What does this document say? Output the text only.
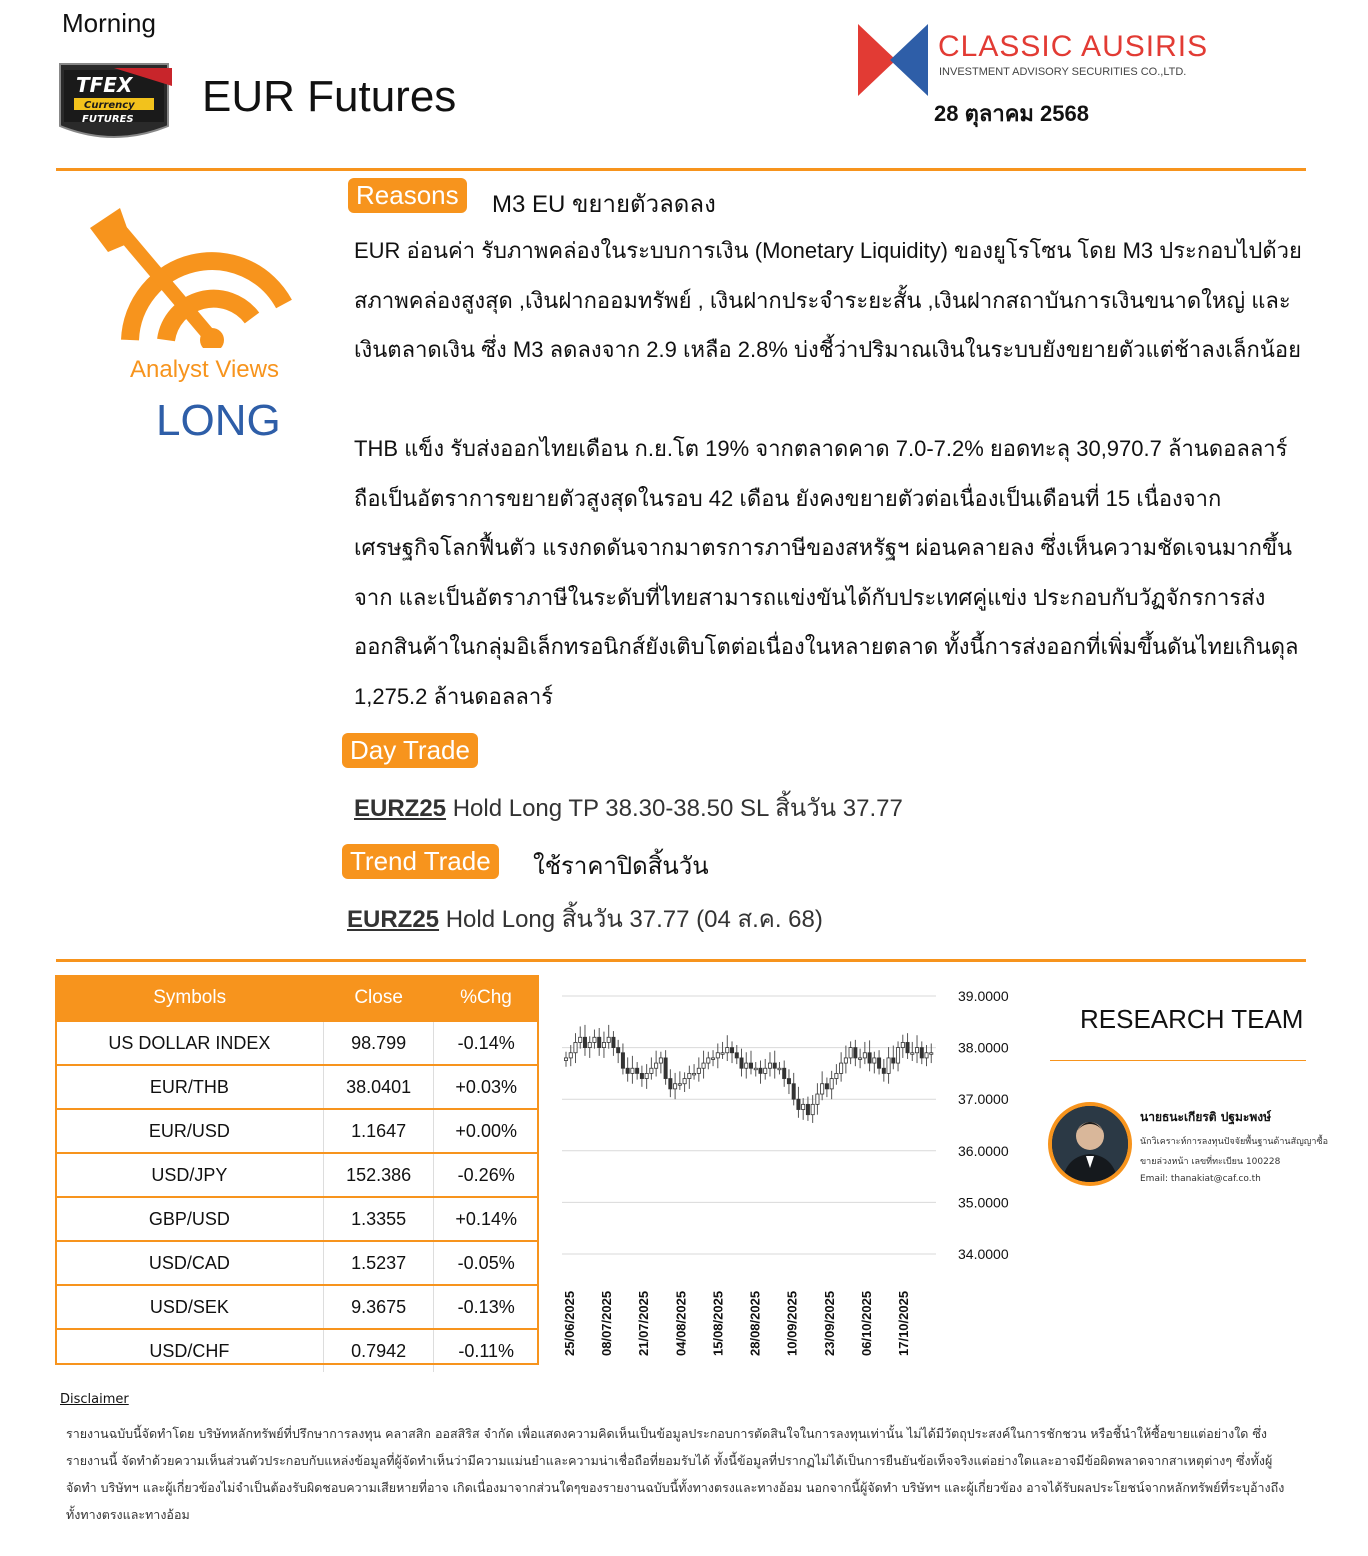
Morning
TFEX
Currency
FUTURES EUR Futures
CLASSIC AUSIRIS
INVESTMENT ADVISORY SECURITIES CO.,LTD.
28 ตุลาคม 2568
Analyst Views
LONG
Reasons	M3 EU ขยายตัวลดลง
EUR อ่อนค่า รับภาพคล่องในระบบการเงิน (Monetary Liquidity) ของยูโรโซน โดย M3 ประกอบไปด้วย สภาพคล่องสูงสุด ,เงินฝากออมทรัพย์ , เงินฝากประจำระยะสั้น ,เงินฝากสถาบันการเงินขนาดใหญ่ และเงินตลาดเงิน ซึ่ง M3 ลดลงจาก 2.9 เหลือ 2.8% บ่งชี้ว่าปริมาณเงินในระบบยังขยายตัวแต่ช้าลงเล็กน้อย
THB แข็ง รับส่งออกไทยเดือน ก.ย.โต 19% จากตลาดคาด 7.0-7.2% ยอดทะลุ 30,970.7 ล้านดอลลาร์ ถือเป็นอัตราการขยายตัวสูงสุดในรอบ 42 เดือน ยังคงขยายตัวต่อเนื่องเป็นเดือนที่ 15 เนื่องจากเศรษฐกิจโลกฟื้นตัว แรงกดดันจากมาตรการภาษีของสหรัฐฯ ผ่อนคลายลง ซึ่งเห็นความชัดเจนมากขึ้นจาก และเป็นอัตราภาษีในระดับที่ไทยสามารถแข่งขันได้กับประเทศคู่แข่ง ประกอบกับวัฏจักรการส่งออกสินค้าในกลุ่มอิเล็กทรอนิกส์ยังเติบโตต่อเนื่องในหลายตลาด ทั้งนี้การส่งออกที่เพิ่มขึ้นดันไทยเกินดุล 1,275.2 ล้านดอลลาร์
Day Trade
EURZ25 Hold Long TP 38.30-38.50 SL สิ้นวัน 37.77
Trend Trade	ใช้ราคาปิดสิ้นวัน
EURZ25 Hold Long สิ้นวัน 37.77 (04 ส.ค. 68)
Symbols	Close	%Chg
US DOLLAR INDEX	98.799	-0.14%
EUR/THB	38.0401	+0.03%
EUR/USD	1.1647	+0.00%
USD/JPY	152.386	-0.26%
GBP/USD	1.3355	+0.14%
USD/CAD	1.5237	-0.05%
USD/SEK	9.3675	-0.13%
USD/CHF	0.7942	-0.11%
39.0000
38.0000
37.0000
36.0000
35.0000
34.0000
25/06/2025 08/07/2025 21/07/2025 04/08/2025 15/08/2025 28/08/2025 10/09/2025 23/09/2025 06/10/2025 17/10/2025
RESEARCH TEAM
นายธนะเกียรติ ปฐมะพงษ์
นักวิเคราะห์การลงทุนปัจจัยพื้นฐานด้านสัญญาซื้อ
ขายล่วงหน้า เลขที่ทะเบียน 100228
Email: thanakiat@caf.co.th
Disclaimer
รายงานฉบับนี้จัดทำโดย บริษัทหลักทรัพย์ที่ปรึกษาการลงทุน คลาสสิก ออสสิริส จำกัด เพื่อแสดงความคิดเห็นเป็นข้อมูลประกอบการตัดสินใจในการลงทุนเท่านั้น ไม่ได้มีวัตถุประสงค์ในการชักชวน หรือชี้นำให้ซื้อขายแต่อย่างใด ซึ่งรายงานนี้ จัดทำด้วยความเห็นส่วนตัวประกอบกับแหล่งข้อมูลที่ผู้จัดทำเห็นว่ามีความแม่นยำและความน่าเชื่อถือที่ยอมรับได้ ทั้งนี้ข้อมูลที่ปรากฏไม่ได้เป็นการยืนยันข้อเท็จจริงแต่อย่างใดและอาจมีข้อผิดพลาดจากสาเหตุต่างๆ ซึ่งทั้งผู้จัดทำ บริษัทฯ และผู้เกี่ยวข้องไม่จำเป็นต้องรับผิดชอบความเสียหายที่อาจ เกิดเนื่องมาจากส่วนใดๆของรายงานฉบับนี้ทั้งทางตรงและทางอ้อม นอกจากนี้ผู้จัดทำ บริษัทฯ และผู้เกี่ยวข้อง อาจได้รับผลประโยชน์จากหลักทรัพย์ที่ระบุอ้างถึงทั้งทางตรงและทางอ้อม
